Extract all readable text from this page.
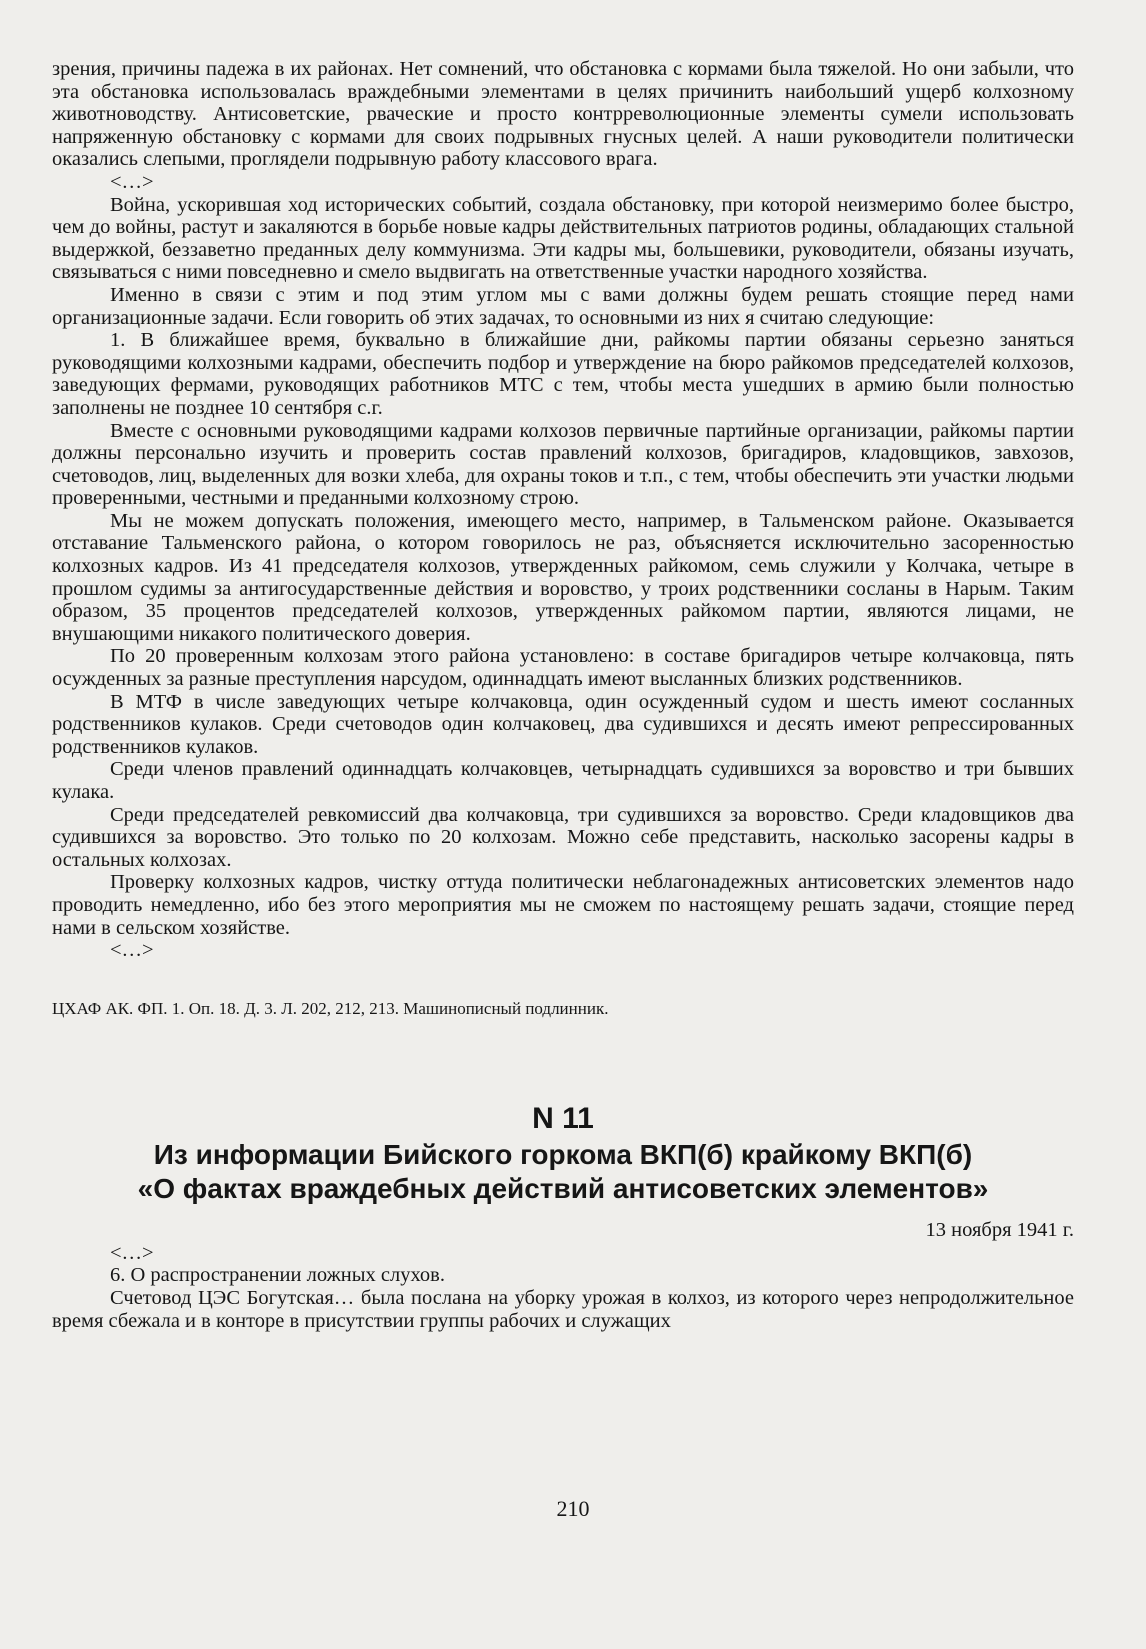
зрения, причины падежа в их районах. Нет сомнений, что обстановка с кормами была тяжелой. Но они забыли, что эта обстановка использовалась враждебными элементами в целях причинить наибольший ущерб колхозному животноводству. Антисоветские, рваческие и просто контрреволюционные элементы сумели использовать напряженную обстановку с кормами для своих подрывных гнусных целей. А наши руководители политически оказались слепыми, проглядели подрывную работу классового врага.

<…>

Война, ускорившая ход исторических событий, создала обстановку, при которой неизмеримо более быстро, чем до войны, растут и закаляются в борьбе новые кадры действительных патриотов родины, обладающих стальной выдержкой, беззаветно преданных делу коммунизма. Эти кадры мы, большевики, руководители, обязаны изучать, связываться с ними повседневно и смело выдвигать на ответственные участки народного хозяйства.

Именно в связи с этим и под этим углом мы с вами должны будем решать стоящие перед нами организационные задачи. Если говорить об этих задачах, то основными из них я считаю следующие:

1. В ближайшее время, буквально в ближайшие дни, райкомы партии обязаны серьезно заняться руководящими колхозными кадрами, обеспечить подбор и утверждение на бюро райкомов председателей колхозов, заведующих фермами, руководящих работников МТС с тем, чтобы места ушедших в армию были полностью заполнены не позднее 10 сентября с.г.

Вместе с основными руководящими кадрами колхозов первичные партийные организации, райкомы партии должны персонально изучить и проверить состав правлений колхозов, бригадиров, кладовщиков, завхозов, счетоводов, лиц, выделенных для возки хлеба, для охраны токов и т.п., с тем, чтобы обеспечить эти участки людьми проверенными, честными и преданными колхозному строю.

Мы не можем допускать положения, имеющего место, например, в Тальменском районе. Оказывается отставание Тальменского района, о котором говорилось не раз, объясняется исключительно засоренностью колхозных кадров. Из 41 председателя колхозов, утвержденных райкомом, семь служили у Колчака, четыре в прошлом судимы за антигосударственные действия и воровство, у троих родственники сосланы в Нарым. Таким образом, 35 процентов председателей колхозов, утвержденных райкомом партии, являются лицами, не внушающими никакого политического доверия.

По 20 проверенным колхозам этого района установлено: в составе бригадиров четыре колчаковца, пять осужденных за разные преступления нарсудом, одиннадцать имеют высланных близких родственников.

В МТФ в числе заведующих четыре колчаковца, один осужденный судом и шесть имеют сосланных родственников кулаков. Среди счетоводов один колчаковец, два судившихся и десять имеют репрессированных родственников кулаков.

Среди членов правлений одиннадцать колчаковцев, четырнадцать судившихся за воровство и три бывших кулака.

Среди председателей ревкомиссий два колчаковца, три судившихся за воровство. Среди кладовщиков два судившихся за воровство. Это только по 20 колхозам. Можно себе представить, насколько засорены кадры в остальных колхозах.

Проверку колхозных кадров, чистку оттуда политически неблагонадежных антисоветских элементов надо проводить немедленно, ибо без этого мероприятия мы не сможем по настоящему решать задачи, стоящие перед нами в сельском хозяйстве.

<…>

ЦХАФ АК. ФП. 1. Оп. 18. Д. 3. Л. 202, 212, 213. Машинописный подлинник.

N 11
Из информации Бийского горкома ВКП(б) крайкому ВКП(б)
«О фактах враждебных действий антисоветских элементов»

13 ноября 1941 г.

<…>

6. О распространении ложных слухов.

Счетовод ЦЭС Богутская… была послана на уборку урожая в колхоз, из которого через непродолжительное время сбежала и в конторе в присутствии группы рабочих и служащих

210
